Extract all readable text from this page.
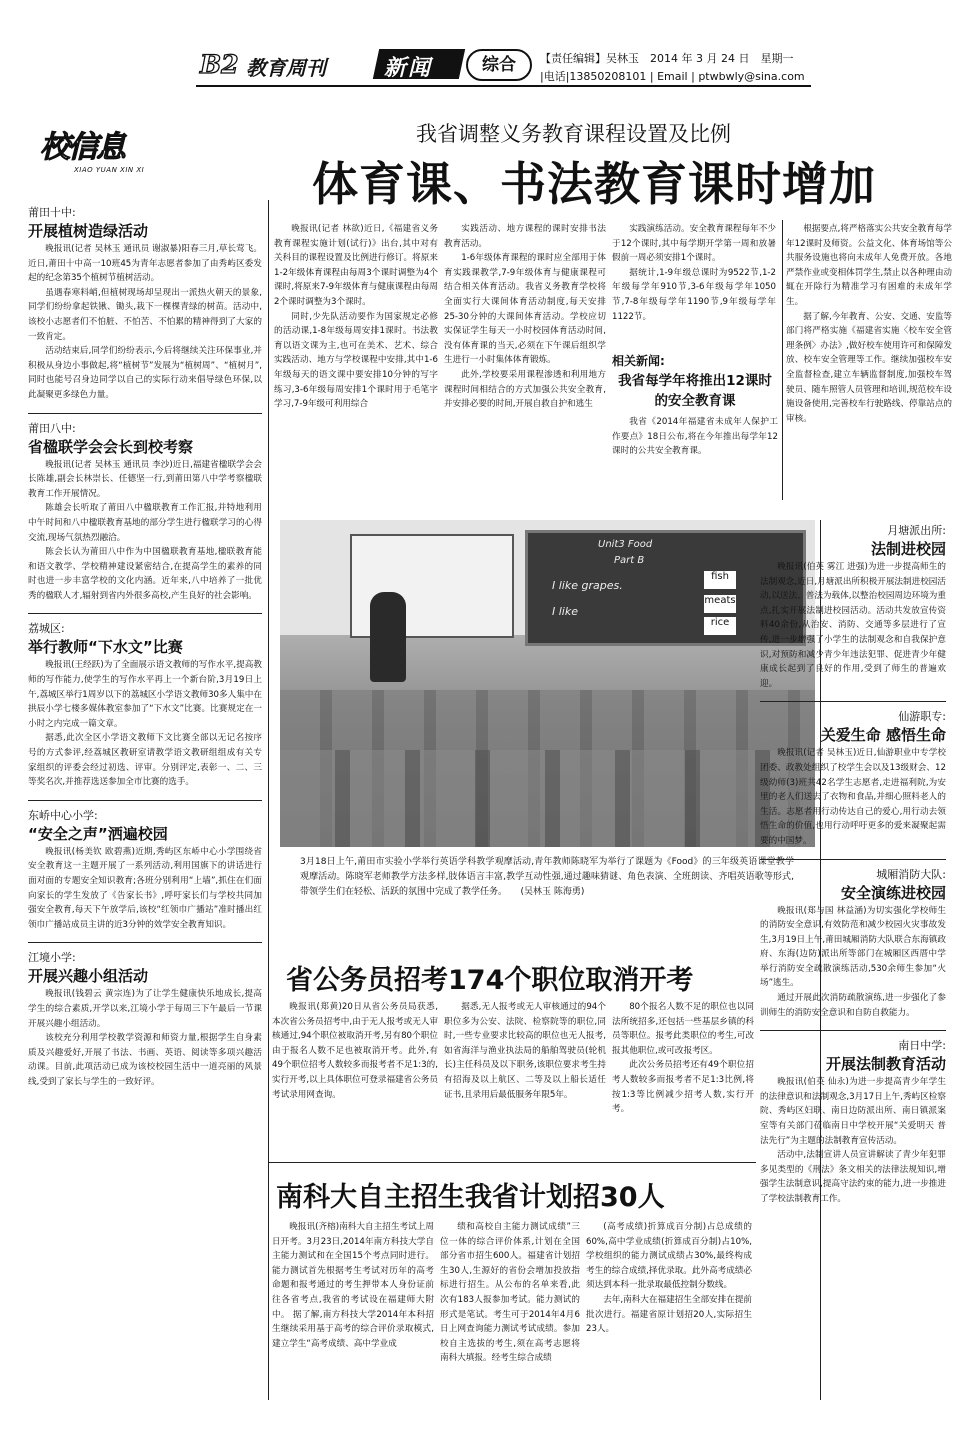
B2 教育周刊	新闻	综合	【责任编辑】吴林玉　2014 年 3 月 24 日　星期一
|电话|13850208101 | Email | ptwbwly@sina.com
校信息
XIAO YUAN XIN XI
我省调整义务教育课程设置及比例
体育课、书法教育课时增加
莆田十中:
开展植树造绿活动

晚报讯(记者 吴林玉 通讯员 谢淑暴)阳春三月,草长莺飞。近日,莆田十中高一10班45为青年志愿者参加了由秀屿区委发起的纪念第35个植树节植树活动。

虽遇春寒料峭,但植树现场却呈现出一派热火朝天的景象,同学们纷纷拿起铁锹、锄头,栽下一棵棵青绿的树苗。活动中,该校小志愿者们不怕脏、不怕苦、不怕累的精神得到了大家的一致肯定。

活动结束后,同学们纷纷表示,今后将继续关注环保事业,并积极从身边小事做起,将“植树节”发展为“植树周”、“植树月”,同时也能号召身边同学以自己的实际行动来倡导绿色环保,以此凝聚更多绿色力量。

莆田八中:
省楹联学会会长到校考察

晚报讯(记者 吴林玉 通讯员 李沙)近日,福建省楹联学会会长陈雄,副会长林崇长、任德坚一行,到莆田第八中学考察楹联教育工作开展情况。

陈雄会长听取了莆田八中楹联教育工作汇报,并特地利用中午时间和八中楹联教育基地的部分学生进行楹联学习的心得交流,现场气氛热烈融洽。

陈会长认为莆田八中作为中国楹联教育基地,楹联教育能和语文教学、学校精神建设紧密结合,在提高学生的素养的同时也进一步丰富学校的文化内涵。近年来,八中培养了一批优秀的楹联人才,辐射到省内外很多高校,产生良好的社会影响。

荔城区:
举行教师“下水文”比赛

晚报讯(王经跃)为了全面展示语文教师的写作水平,提高教师的写作能力,使学生的写作水平再上一个新台阶,3月19日上午,荔城区举行1周岁以下的荔城区小学语文教师30多人集中在拱辰小学七楼多媒体教室参加了“下水文”比赛。比赛规定在一小时之内完成一篇文章。

据悉,此次全区小学语文教师下文比赛全部以无记名按序号的方式参评,经荔城区教研室请教学语文教研组组成有关专家组织的评委会经过初选、评审。分别评定,表彰一、二、三等奖名次,并推荐选送参加全市比赛的选手。

东峤中心小学:
“安全之声”洒遍校园

晚报讯(杨美钦 欧碧燕)近期,秀屿区东峤中心小学围绕省安全教育这一主题开展了一系列活动,利用国旗下的讲话进行面对面的专题安全知识教育;各班分别利用“上墙”,抓住在们面向家长的学生发放了《告家长书》,呼吁家长们与学校共同加强安全教育,每天下午放学后,该校“红领巾广播站”准时播出红领巾广播站成员主讲的近3分钟的效学安全教育知识。

江境小学:
开展兴趣小组活动

晚报讯(钱碧云 黄宗连)为了让学生健康快乐地成长,提高学生的综合素质,开学以来,江境小学于每周三下午最后一节课开展兴趣小组活动。

该校充分利用学校教学资源和师资力量,根据学生自身素质及兴趣爱好,开展了书法、书画、英语、阅读等多项兴趣活动课。目前,此项活动已成为该校校园生活中一道亮丽的风景线,受到了家长与学生的一致好评。

晚报讯(记者 林欲)近日,《福建省义务教育课程实施计划(试行)》出台,其中对有关科目的课程设置及比例进行修订。将原来1-2年级体育课程由每周3个课时调整为4个课时,将原来7-9年级体育与健康课程由每周2个课时调整为3个课时。

同时,少先队活动要作为国家规定必修的活动课,1-8年级每周安排1课时。书法教育以语文课为主,也可在美术、艺术、综合实践活动、地方与学校课程中安排,其中1-6年级每天的语文课中要安排10分钟的写字练习,3-6年级每周安排1个课时用于毛笔字学习,7-9年级可利用综合

实践活动、地方课程的课时安排书法教育活动。

1-6年级体育课程的课时应全部用于体育实践课教学,7-9年级体育与健康课程可结合相关体育活动。我省义务教育学校将全面实行大课间体育活动制度,每天安排25-30分钟的大课间体育活动。学校应切实保证学生每天一小时校园体育活动时间,没有体育课的当天,必须在下午课后组织学生进行一小时集体体育锻炼。

此外,学校要采用课程渗透和利用地方课程时间相结合的方式加强公共安全教育,并安排必要的时间,开展自救自护和逃生

实践演练活动。安全教育课程每年不少于12个课时,其中每学期开学第一周和放暑假前一周必须安排1个课时。

据统计,1-9年级总课时为9522节,1-2年级每学年910节,3-6年级每学年1050节,7-8年级每学年1190节,9年级每学年1122节。

相关新闻:
我省每学年将推出12课时的安全教育课
我省《2014年福建省未成年人保护工作要点》18日公布,将在今年推出每学年12课时的公共安全教育课。

根据要点,将严格落实公共安全教育每学年12课时及师资。公益文化、体育场馆等公共服务设施也将向未成年人免费开放。各地严禁作业或变相体罚学生,禁止以各种理由动辄在开除行为精准学习有困难的未成年学生。

据了解,今年教育、公安、交通、安监等部门将严格实施《福建省实施〈校车安全管理条例〉办法》,做好校车使用许可和保障发放、校车安全管理等工作。继续加强校车安全监督检查,建立车辆监督制度,加强校车驾驶员、随车照管人员管理和培训,规范校车设施设备使用,完善校车行驶路线、停靠站点的审核。

Unit3 Food
Part B
I like grapes.
I like
fish
meats
rice
3月18日上午,莆田市实验小学举行英语学科教学观摩活动,青年教师陈晓军为举行了课题为《Food》的三年级英语课堂教学观摩活动。陈晓军老师教学方法多样,肢体语言丰富,教学互动性强,通过趣味猜谜、角色表演、全班朗读、齐唱英语歌等形式,带领学生们在轻松、活跃的氛围中完成了教学任务。　　(吴林玉 陈海勇)
月塘派出所:
法制进校园

晚报讯(伯英 雾江 进强)为进一步提高师生的法制观念,近日,月塘派出所积极开展法制进校园活动,以送法、普法为载体,以整治校园周边环境为重点,扎实开展法制进校园活动。活动共发放宣传资料40余份,从治安、消防、交通等多层进行了宣传,进一步增强了小学生的法制观念和自我保护意识,对预防和减少青少年违法犯罪、促进青少年健康成长起到了良好的作用,受到了师生的普遍欢迎。

仙游职专:
关爱生命 感悟生命

晚报讯(记者 吴林玉)近日,仙游职业中专学校团委、政教处组织了校学生会以及13级财会、12级幼师(3)班共42名学生志愿者,走进福利院,为安里的老人们送去了衣物和食品,并细心照料老人的生活。志愿者用行动传达自己的爱心,用行动去领悟生命的价值,也用行动呼吁更多的爱来凝聚起需要的中国梦。

城厢消防大队:
安全演练进校园

晚报讯(郑与国 林益涵)为切实强化学校师生的消防安全意识,有效防范和减少校园火灾事故发生,3月19日上午,莆田城厢消防大队联合东海镇政府、东海(边防)派出所等部门在城厢区西厝中学举行消防安全疏散演练活动,530余师生参加“火场”逃生。

通过开展此次消防疏散演练,进一步强化了参训师生的消防安全意识和自防自救能力。

南日中学:
开展法制教育活动

晚报讯(伯英 仙永)为进一步提高青少年学生的法律意识和法制观念,3月17日上午,秀屿区检察院、秀屿区妇联、南日边防派出所、南日镇派案室等有关部门莅临南日中学校开展“关爱明天 普法先行”为主题的法制教育宣传活动。

活动中,法制宣讲人员宣讲解读了青少年犯罪多见类型的《刑法》条文相关的法律法规知识,增强学生法制意识,提高守法约束的能力,进一步推进了学校法制教育工作。

省公务员招考174个职位取消开考
晚报讯(郑黄)20日从省公务员局获悉,本次省公务员招考中,由于无人报考或无人审核通过,94个职位被取消开考,另有80个职位由于报名人数不足也被取消开考。此外,有49个职位招考人数较多而报考者不足1:3的,实行开考,以上具体职位可登录福建省公务员考试录用网查询。
据悉,无人报考或无人审核通过的94个职位多为公安、法院、检察院等的职位,同时,一些专业要求比较高的职位也无人报考,如省海洋与渔业执法局的船舶驾驶员(轮机长)主任科员及以下职务,该职位要求考生持有招海及以上航区、二等及以上船长适任证书,且录用后最低服务年限5年。

80个报名人数不足的职位也以同法所统招多,还包括一些基层乡镇的科员等职位。报考此类职位的考生,可改报其他职位,或可改报考区。

此次公务员招考还有49个职位招考人数较多而报考者不足1:3比例,将按1:3等比例减少招考人数,实行开考。

南科大自主招生我省计划招30人
晚报讯(齐榕)南科大自主招生考试上周日开考。3月23日,2014年南方科技大学自主能力测试和在全国15个考点同时进行。能力测试首先根据考生考试对历年的高考命题和报考通过的考生押带本人身份证前往各省考点,我省的考试设在福建师大附中。 据了解,南方科技大学2014年本科招生继续采用基于高考的综合评价录取模式,建立学生“高考成绩、高中学业成

绩和高校自主能力测试成绩”三位一体的综合评价体系,计划在全国部分省市招生600人。福建省计划招生30人,生源好的省份会增加投放指标进行招生。从公布的名单来看,此次有183人报参加考试。能力测试的形式是笔试。考生可于2014年4月6日上网查询能力测试考试成绩。参加校自主选拔的考生,须在高考志愿将南科大填报。经考生综合成绩

(高考成绩)折算成百分制)占总成绩的60%,高中学业成绩(折算成百分制)占10%,学校组织的能力测试成绩占30%,最终构成考生的综合成绩,择优录取。此外高考成绩必须达到本科一批录取最低控制分数线。

去年,南科大在福建招生全部安排在提前批次进行。福建省原计划招20人,实际招生23人。
